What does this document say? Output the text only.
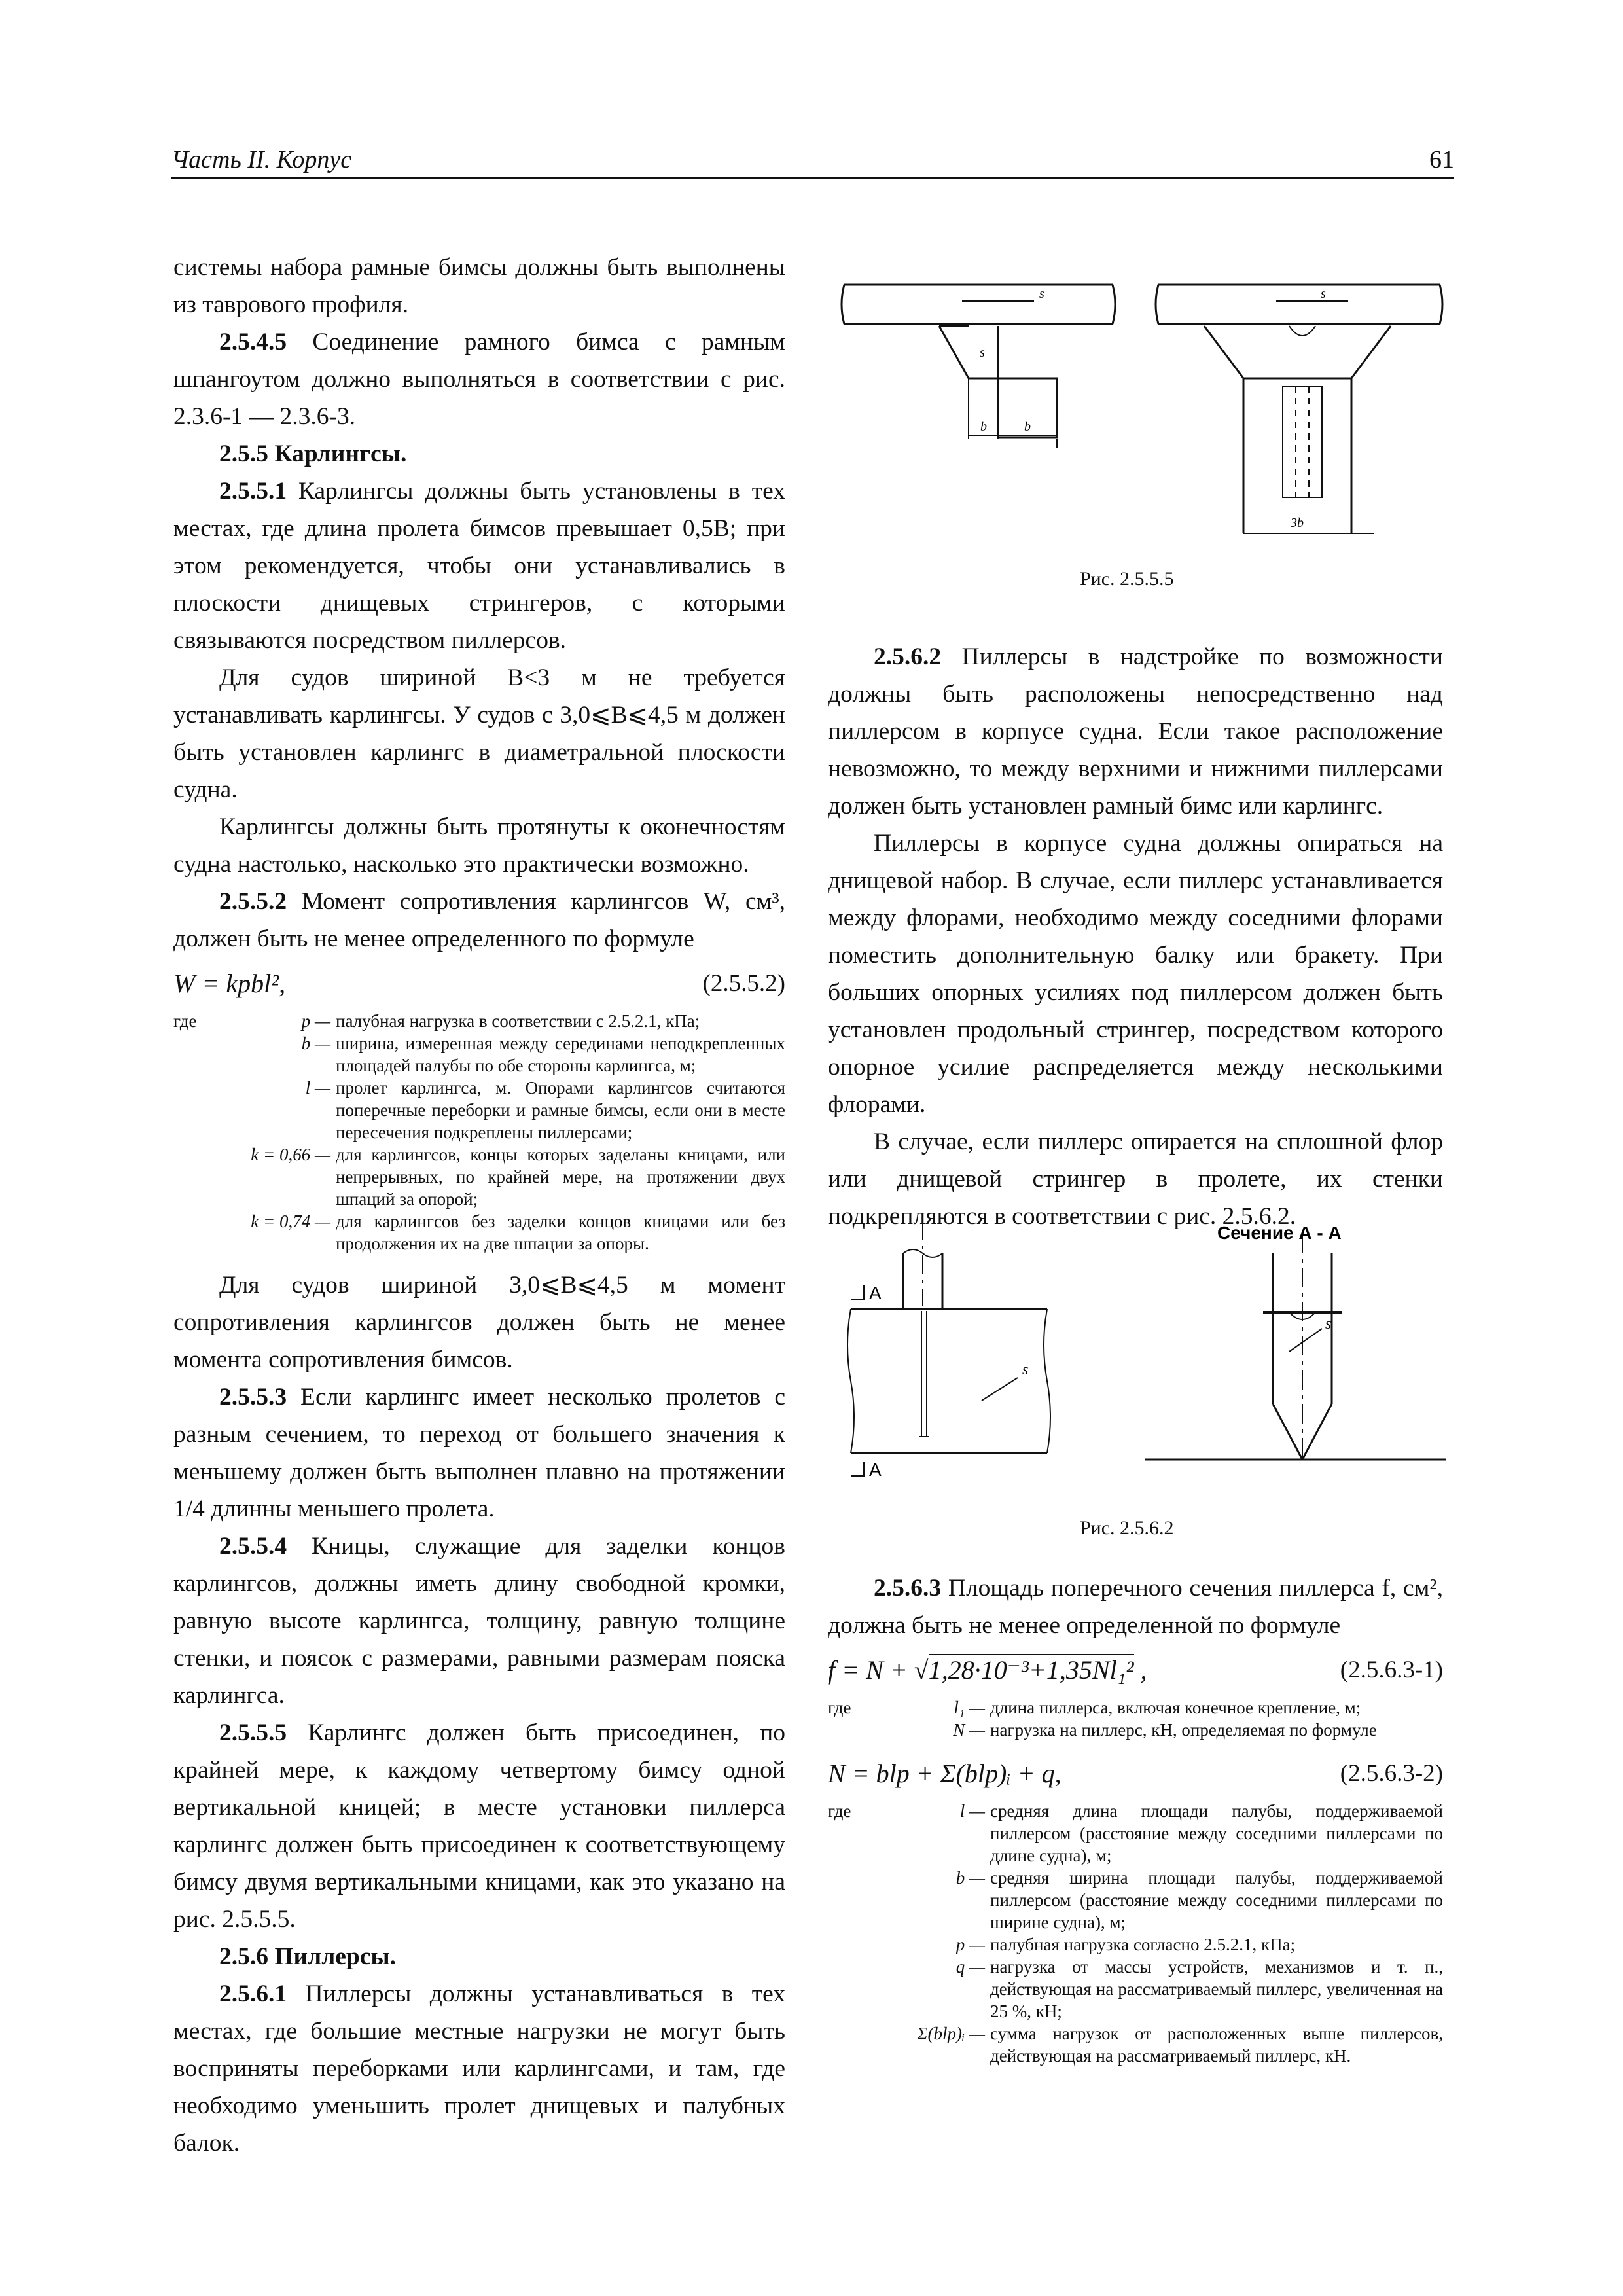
Часть II. Корпус	61

системы набора рамные бимсы должны быть выполнены из таврового профиля.

2.5.4.5 Соединение рамного бимса с рамным шпангоутом должно выполняться в соответствии с рис. 2.3.6-1 — 2.3.6-3.

2.5.5 Карлингсы.

2.5.5.1 Карлингсы должны быть установлены в тех местах, где длина пролета бимсов превышает 0,5B; при этом рекомендуется, чтобы они устанавливались в плоскости днищевых стрингеров, с которыми связываются посредством пиллерсов.

Для судов шириной B<3 м не требуется устанавливать карлингсы. У судов с 3,0⩽B⩽4,5 м должен быть установлен карлингс в диаметральной плоскости судна.

Карлингсы должны быть протянуты к оконечностям судна настолько, насколько это практически возможно.

2.5.5.2 Момент сопротивления карлингсов W, см³, должен быть не менее определенного по формуле

W = kpbl²,	(2.5.5.2)
где	p —	палубная нагрузка в соответствии с 2.5.2.1, кПа;
	b —	ширина, измеренная между серединами неподкрепленных площадей палубы по обе стороны карлингса, м;
	l —	пролет карлингса, м. Опорами карлингсов считаются поперечные переборки и рамные бимсы, если они в месте пересечения подкреплены пиллерсами;
	k = 0,66 —	для карлингсов, концы которых заделаны кницами, или непрерывных, по крайней мере, на протяжении двух шпаций за опорой;
	k = 0,74 —	для карлингсов без заделки концов кницами или без продолжения их на две шпации за опоры.

Для судов шириной 3,0⩽B⩽4,5 м момент сопротивления карлингсов должен быть не менее момента сопротивления бимсов.

2.5.5.3 Если карлингс имеет несколько пролетов с разным сечением, то переход от большего значения к меньшему должен быть выполнен плавно на протяжении 1/4 длинны меньшего пролета.

2.5.5.4 Кницы, служащие для заделки концов карлингсов, должны иметь длину свободной кромки, равную высоте карлингса, толщину, равную толщине стенки, и поясок с размерами, равными размерам пояска карлингса.

2.5.5.5 Карлингс должен быть присоединен, по крайней мере, к каждому четвертому бимсу одной вертикальной кницей; в месте установки пиллерса карлингс должен быть присоединен к соответствующему бимсу двумя вертикальными кницами, как это указано на рис. 2.5.5.5.

2.5.6 Пиллерсы.

2.5.6.1 Пиллерсы должны устанавливаться в тех местах, где большие местные нагрузки не могут быть восприняты переборками или карлингсами, и там, где необходимо уменьшить пролет днищевых и палубных балок.

s
s
b	b
s
3b
Рис. 2.5.5.5

2.5.6.2 Пиллерсы в надстройке по возможности должны быть расположены непосредственно над пиллерсом в корпусе судна. Если такое расположение невозможно, то между верхними и нижними пиллерсами должен быть установлен рамный бимс или карлингс.

Пиллерсы в корпусе судна должны опираться на днищевой набор. В случае, если пиллерс устанавливается между флорами, необходимо между соседними флорами поместить дополнительную балку или бракету. При больших опорных усилиях под пиллерсом должен быть установлен продольный стрингер, посредством которого опорное усилие распределяется между несколькими флорами.

В случае, если пиллерс опирается на сплошной флор или днищевой стрингер в пролете, их стенки подкрепляются в соответствии с рис. 2.5.6.2.

A
A
s
s
Сечение А - А
Рис. 2.5.6.2

2.5.6.3 Площадь поперечного сечения пиллерса f, см², должна быть не менее определенной по формуле

f = N + √1,28·10⁻³+1,35Nl₁² ,	(2.5.6.3-1)
где	l₁ —	длина пиллерса, включая конечное крепление, м;
	N —	нагрузка на пиллерс, кН, определяемая по формуле
N = blp + Σ(blp)ᵢ + q,	(2.5.6.3-2)
где	l —	средняя длина площади палубы, поддерживаемой пиллерсом (расстояние между соседними пиллерсами по длине судна), м;
	b —	средняя ширина площади палубы, поддерживаемой пиллерсом (расстояние между соседними пиллерсами по ширине судна), м;
	p —	палубная нагрузка согласно 2.5.2.1, кПа;
	q —	нагрузка от массы устройств, механизмов и т. п., действующая на рассматриваемый пиллерс, увеличенная на 25 %, кН;
	Σ(blp)ᵢ —	сумма нагрузок от расположенных выше пиллерсов, действующая на рассматриваемый пиллерс, кН.
